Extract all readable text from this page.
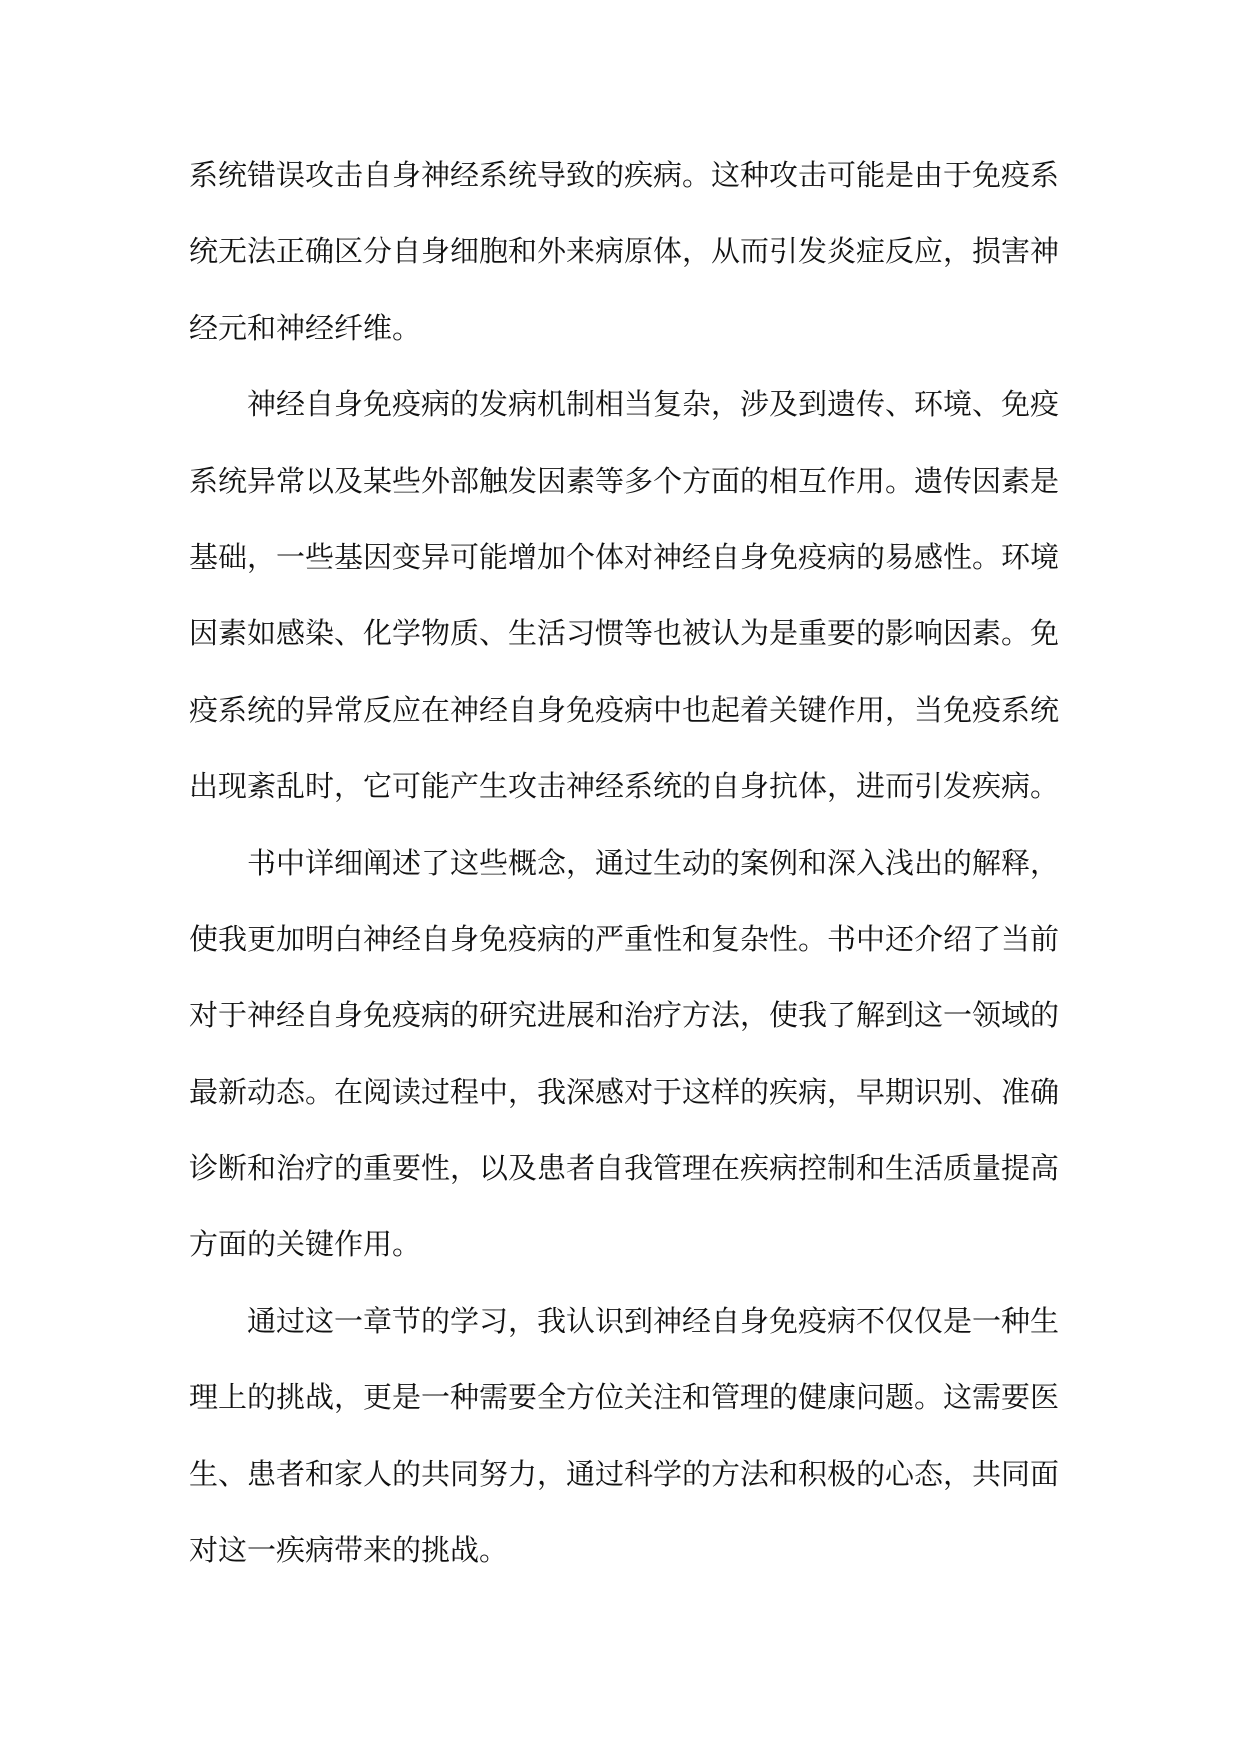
系统错误攻击自身神经系统导致的疾病。这种攻击可能是由于免疫系
统无法正确区分自身细胞和外来病原体，从而引发炎症反应，损害神
经元和神经纤维。
神经自身免疫病的发病机制相当复杂，涉及到遗传、环境、免疫
系统异常以及某些外部触发因素等多个方面的相互作用。遗传因素是
基础，一些基因变异可能增加个体对神经自身免疫病的易感性。环境
因素如感染、化学物质、生活习惯等也被认为是重要的影响因素。免
疫系统的异常反应在神经自身免疫病中也起着关键作用，当免疫系统
出现紊乱时，它可能产生攻击神经系统的自身抗体，进而引发疾病。
书中详细阐述了这些概念，通过生动的案例和深入浅出的解释，
使我更加明白神经自身免疫病的严重性和复杂性。书中还介绍了当前
对于神经自身免疫病的研究进展和治疗方法，使我了解到这一领域的
最新动态。在阅读过程中，我深感对于这样的疾病，早期识别、准确
诊断和治疗的重要性，以及患者自我管理在疾病控制和生活质量提高
方面的关键作用。
通过这一章节的学习，我认识到神经自身免疫病不仅仅是一种生
理上的挑战，更是一种需要全方位关注和管理的健康问题。这需要医
生、患者和家人的共同努力，通过科学的方法和积极的心态，共同面
对这一疾病带来的挑战。
